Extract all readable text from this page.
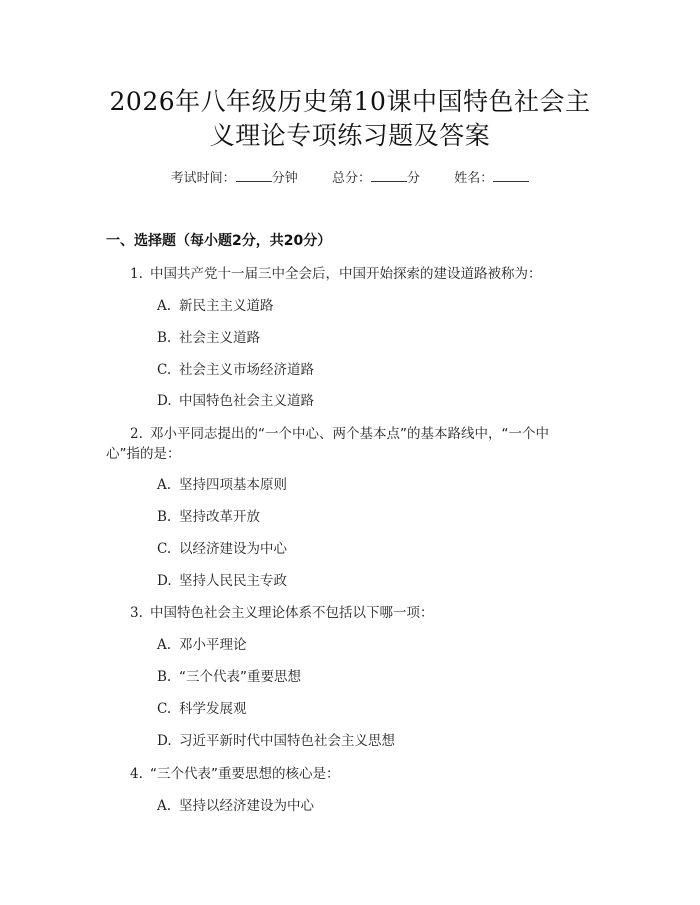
2026年八年级历史第10课中国特色社会主
义理论专项练习题及答案
考试时间：	分钟	总分：	分	姓名：
一、选择题（每小题2分，共20分）
1. 中国共产党十一届三中全会后，中国开始探索的建设道路被称为：
A. 新民主主义道路
B. 社会主义道路
C. 社会主义市场经济道路
D. 中国特色社会主义道路
2. 邓小平同志提出的“一个中心、两个基本点”的基本路线中，“一个中
心”指的是：
A. 坚持四项基本原则
B. 坚持改革开放
C. 以经济建设为中心
D. 坚持人民民主专政
3. 中国特色社会主义理论体系不包括以下哪一项：
A. 邓小平理论
B. “三个代表”重要思想
C. 科学发展观
D. 习近平新时代中国特色社会主义思想
4. “三个代表”重要思想的核心是：
A. 坚持以经济建设为中心
